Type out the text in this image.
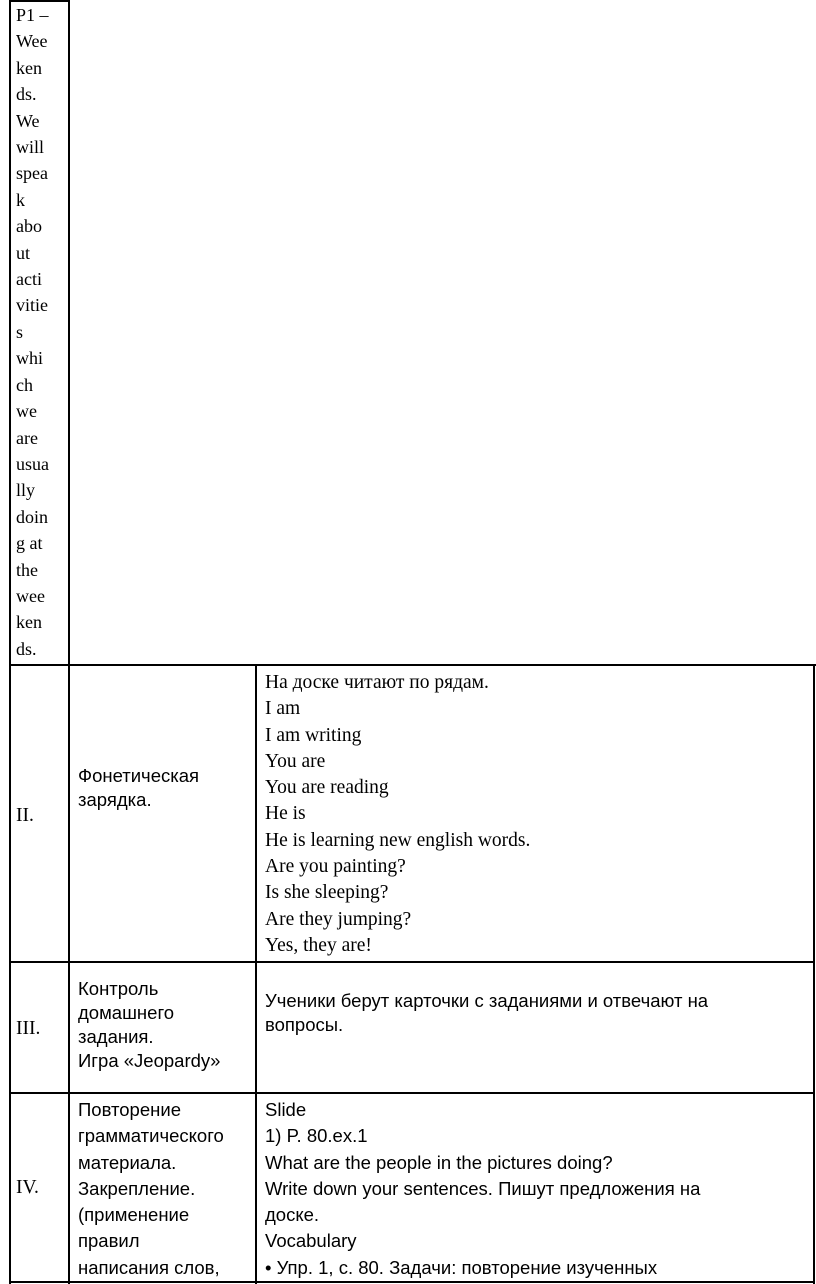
P1 –
Wee
ken
ds.
We
will
spea
k
abo
ut
acti
vitie
s
whi
ch
we
are
usua
lly
doin
g at
the
wee
ken
ds.
II.
Фонетическая
зарядка.
На доске читают по рядам.
I am
I am writing
You are
You are reading
He is
He is learning new english words.
Are you painting?
Is she sleeping?
Are they jumping?
Yes, they are!
III.
Контроль
домашнего
задания.
Игра «Jeopardy»
Ученики берут карточки с заданиями и отвечают на
вопросы.
IV.
Повторение
грамматического
материала.
Закрепление.
(применение
правил
написания слов,
Slide
1) P. 80.ex.1
What are the people in the pictures doing?
Write down your sentences. Пишут предложения на
доске.
Vocabulary
• Упр. 1, с. 80. Задачи: повторение изученных
